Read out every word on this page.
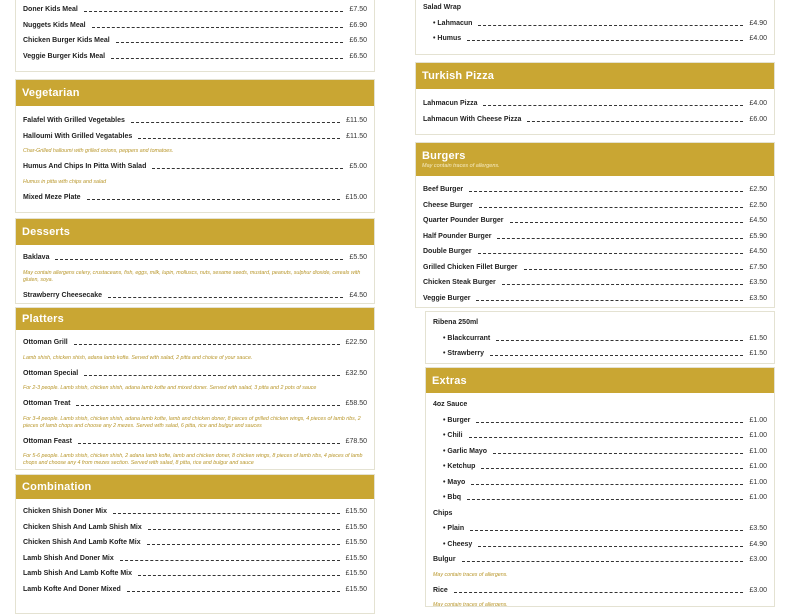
Doner Kids Meal	£7.50
Nuggets Kids Meal	£6.90
Chicken Burger Kids Meal	£6.50
Veggie Burger Kids Meal	£6.50
Vegetarian
Falafel With Grilled Vegetables	£11.50
Halloumi With Grilled Vegatables	£11.50
Char-Grilled halloumi with grilled onions, peppers and tomatoes.
Humus And Chips In Pitta With Salad	£5.00
Humus in pitta with chips and salad
Mixed Meze Plate	£15.00
Desserts
Baklava	£5.50
May contain allergens celery, crustaceans, fish, eggs, milk, lupin, molluscs, nuts, sesame seeds, mustard, peanuts, sulphur dioxide, cereals with gluten, soya.
Strawberry Cheesecake	£4.50
Platters
Ottoman Grill	£22.50
Lamb shish, chicken shish, adana lamb kofte. Served with salad, 2 pitta and choice of your sauce.
Ottoman Special	£32.50
For 2-3 people. Lamb shish, chicken shish, adana lamb kofte and mixed doner. Served with salad, 3 pitta and 2 pots of sauce
Ottoman Treat	£58.50
For 3-4 people. Lamb shish, chicken shish, adana lamb kofte, lamb and chicken doner, 8 pieces of grilled chicken wings, 4 pieces of lamb ribs, 2 pieces of lamb chops and choose any 2 mezes. Served with salad, 6 pitta, rice and bulgur and sauces
Ottoman Feast	£78.50
For 5-6 people. Lamb shish, chicken shish, 2 adana lamb kofte, lamb and chicken doner, 8 chicken wings, 8 pieces of lamb ribs, 4 pieces of lamb chops and choose any 4 from mezes section. Served with salad, 8 pitta, rice and bulgur and sauce
Combination
Chicken Shish Doner Mix	£15.50
Chicken Shish And Lamb Shish Mix	£15.50
Chicken Shish And Lamb Kofte Mix	£15.50
Lamb Shish And Doner Mix	£15.50
Lamb Shish And Lamb Kofte Mix	£15.50
Lamb Kofte And Doner Mixed	£15.50
Salad Wrap
• Lahmacun	£4.90
• Humus	£4.00
Turkish Pizza
Lahmacun Pizza	£4.00
Lahmacun With Cheese Pizza	£6.00
Burgers
May contain traces of allergens.
Beef Burger	£2.50
Cheese Burger	£2.50
Quarter Pounder Burger	£4.50
Half Pounder Burger	£5.90
Double Burger	£4.50
Grilled Chicken Fillet Burger	£7.50
Chicken Steak Burger	£3.50
Veggie Burger	£3.50
Ribena 250ml
• Blackcurrant	£1.50
• Strawberry	£1.50
Extras
4oz Sauce
• Burger	£1.00
• Chili	£1.00
• Garlic Mayo	£1.00
• Ketchup	£1.00
• Mayo	£1.00
• Bbq	£1.00
Chips
• Plain	£3.50
• Cheesy	£4.90
Bulgur	£3.00
May contain traces of allergens.
Rice	£3.00
May contain traces of allergens.
